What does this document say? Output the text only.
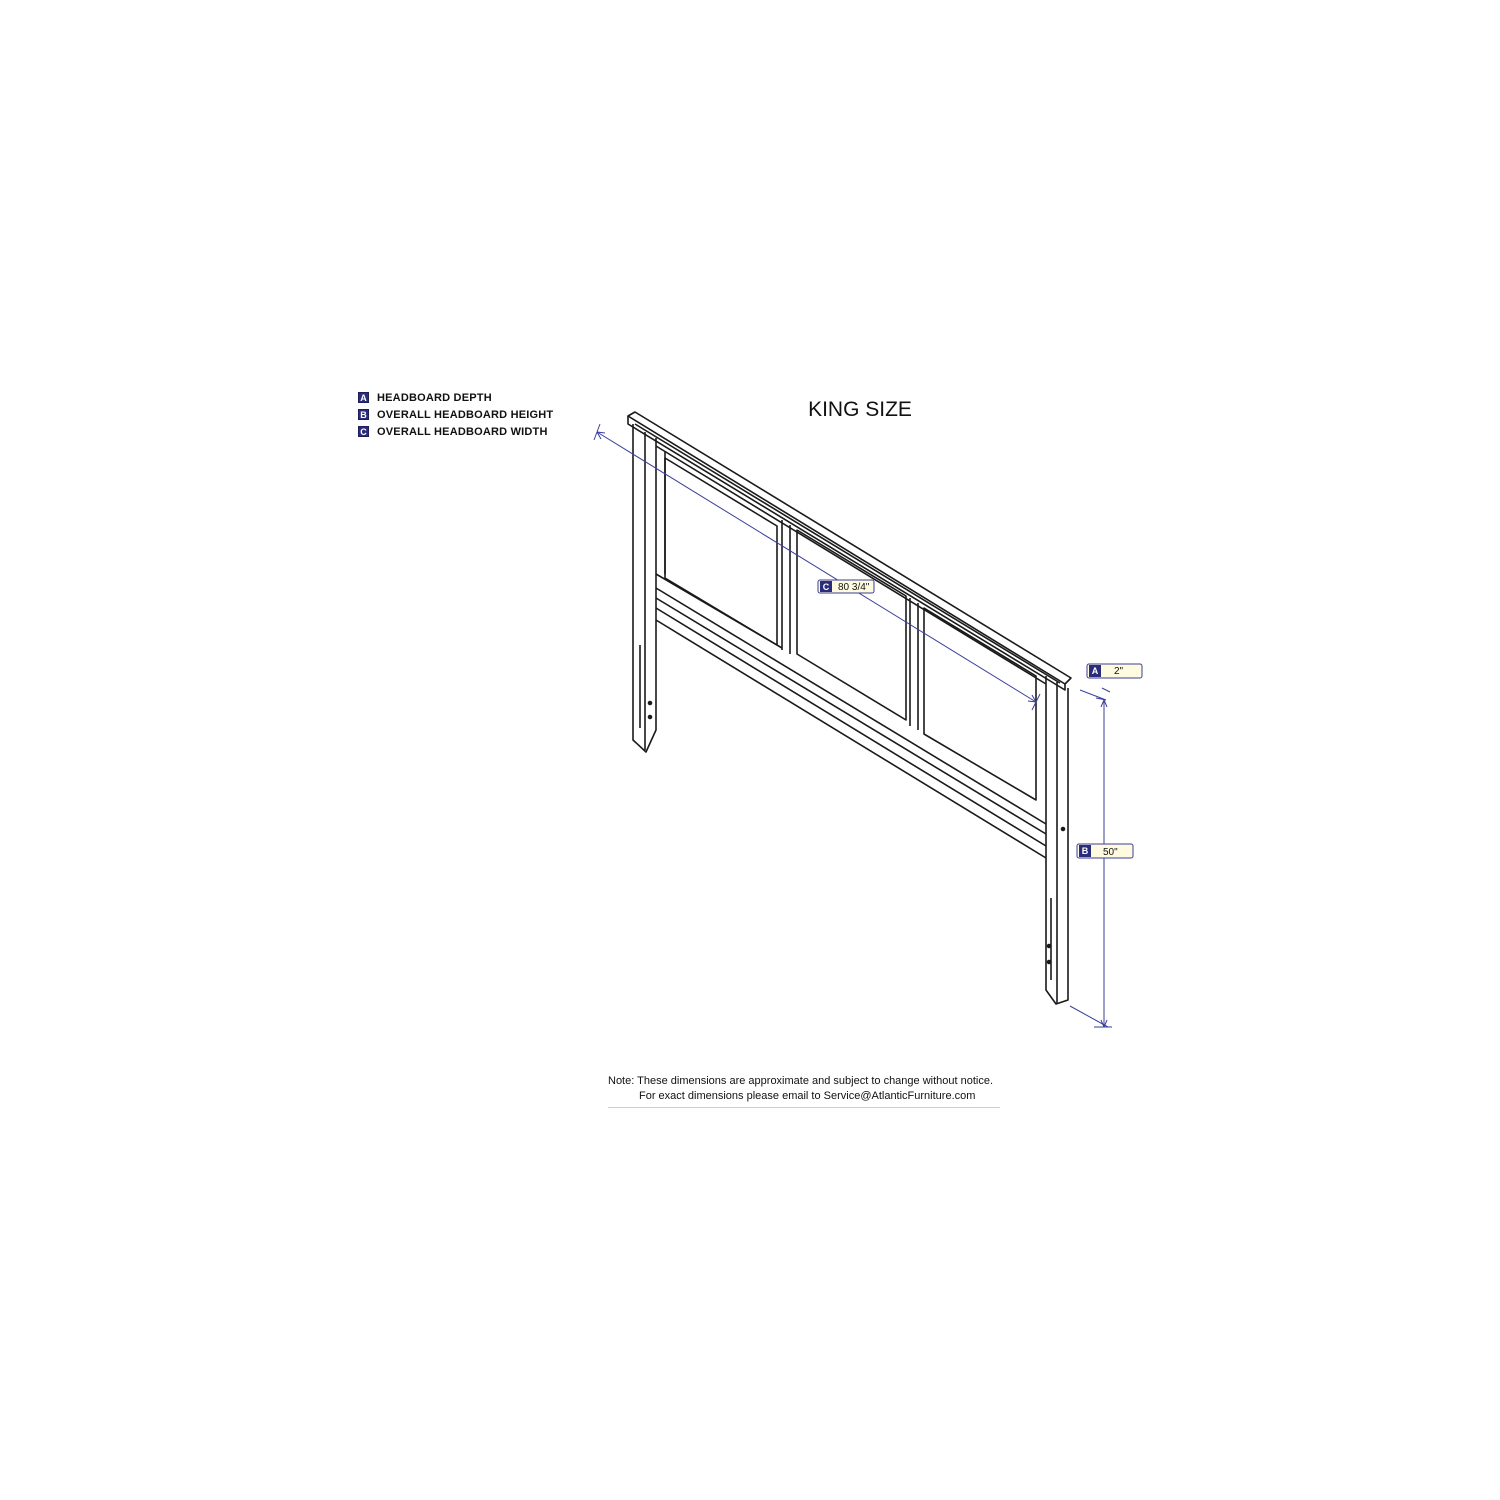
A HEADBOARD DEPTH
B OVERALL HEADBOARD HEIGHT
C OVERALL HEADBOARD WIDTH
KING SIZE
C 80 3/4"
A 2"
B 50"
Note: These dimensions are approximate and subject to change without notice.
For exact dimensions please email to Service@AtlanticFurniture.com
